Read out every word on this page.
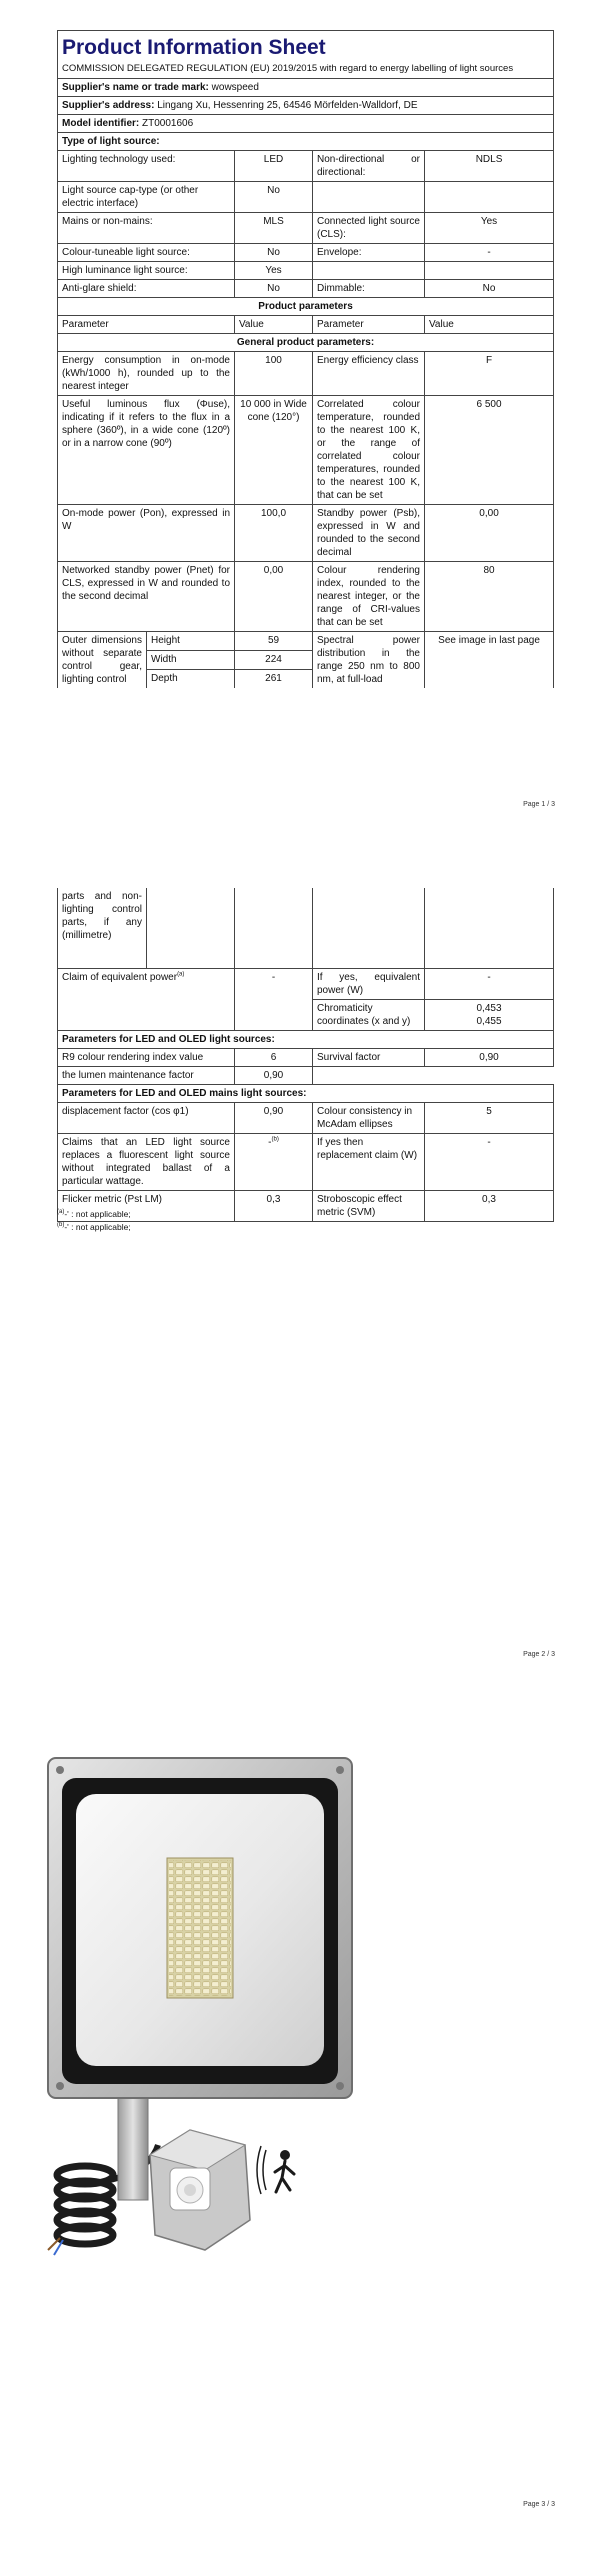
Product Information Sheet				
COMMISSION DELEGATED REGULATION (EU) 2019/2015 with regard to energy labelling of light sources				
Supplier's name or trade mark: wowspeed				
Supplier's address: Lingang Xu, Hessenring 25, 64546 Mörfelden-Walldorf, DE				
Model identifier: ZT0001606				
Type of light source:				
Lighting technology used:		LED	Non-directional or directional:	NDLS
Light source cap-type (or other electric interface)		No		
Mains or non-mains:		MLS	Connected light source (CLS):	Yes
Colour-tuneable light source:		No	Envelope:	-
High luminance light source:		Yes		
Anti-glare shield:		No	Dimmable:	No
Product parameters				
Parameter		Value	Parameter	Value
General product parameters:				
Energy consumption in on-mode (kWh/1000 h), rounded up to the nearest integer		100	Energy efficiency class	F
Useful luminous flux (Φuse), indicating if it refers to the flux in a sphere (360º), in a wide cone (120º) or in a narrow cone (90º)		10 000 in Wide cone (120°)	Correlated colour temperature, rounded to the nearest 100 K, or the range of correlated colour temperatures, rounded to the nearest 100 K, that can be set	6 500
On-mode power (Pon), expressed in W		100,0	Standby power (Psb), expressed in W and rounded to the second decimal	0,00
Networked standby power (Pnet) for CLS, expressed in W and rounded to the second decimal		0,00	Colour rendering index, rounded to the nearest integer, or the range of CRI-values that can be set	80
Outer dimensions without separate control gear, lighting control	Height	59	Spectral power distribution in the range 250 nm to 800 nm, at full-load	See image in last page
	Width	224		
	Depth	261		
Page 1 / 3
parts and non-lighting control parts, if any (millimetre)				
Claim of equivalent power$^{(a)}$		-	If yes, equivalent power (W)	-
			Chromaticity coordinates (x and y)	0,453
0,455
Parameters for LED and OLED light sources:				
R9 colour rendering index value		6	Survival factor	0,90
the lumen maintenance factor		0,90		
Parameters for LED and OLED mains light sources:				
displacement factor (cos φ1)		0,90	Colour consistency in McAdam ellipses	5
Claims that an LED light source replaces a fluorescent light source without integrated ballast of a particular wattage.		-$^{(b)}$	If yes then replacement claim (W)	-
Flicker metric (Pst LM)		0,3	Stroboscopic effect metric (SVM)	0,3
Page 2 / 3
$^{(a)}$-' : not applicable;
$^{(b)}$-' : not applicable;
Page 3 / 3
